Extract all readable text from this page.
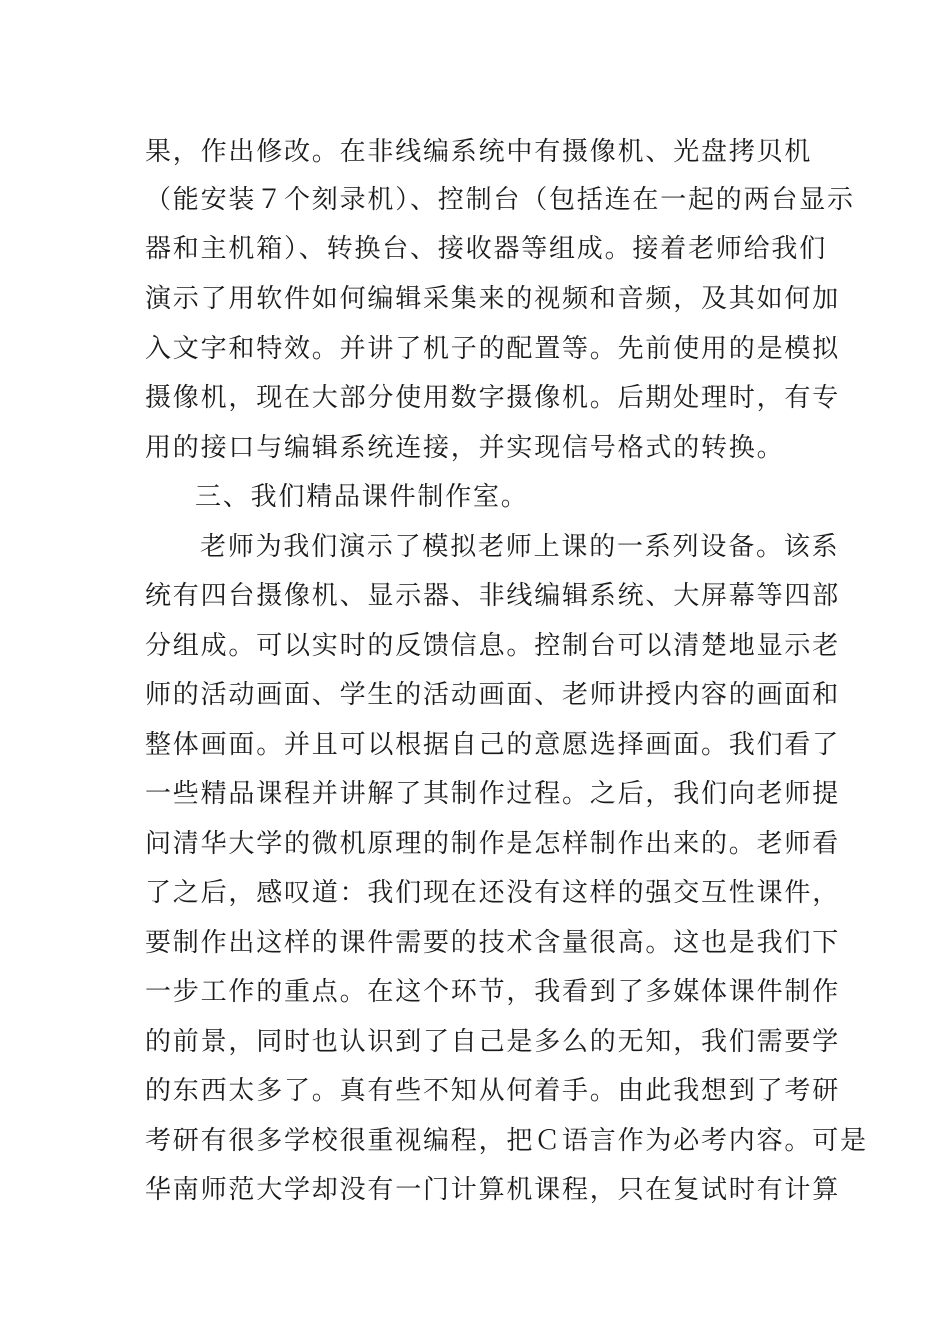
果，作出修改。在非线编系统中有摄像机、光盘拷贝机
（能安装７个刻录机）、控制台（包括连在一起的两台显示
器和主机箱）、转换台、接收器等组成。接着老师给我们
演示了用软件如何编辑采集来的视频和音频，及其如何加
入文字和特效。并讲了机子的配置等。先前使用的是模拟
摄像机，现在大部分使用数字摄像机。后期处理时，有专
用的接口与编辑系统连接，并实现信号格式的转换。
三、我们精品课件制作室。
老师为我们演示了模拟老师上课的一系列设备。该系
统有四台摄像机、显示器、非线编辑系统、大屏幕等四部
分组成。可以实时的反馈信息。控制台可以清楚地显示老
师的活动画面、学生的活动画面、老师讲授内容的画面和
整体画面。并且可以根据自己的意愿选择画面。我们看了
一些精品课程并讲解了其制作过程。之后，我们向老师提
问清华大学的微机原理的制作是怎样制作出来的。老师看
了之后，感叹道：我们现在还没有这样的强交互性课件，
要制作出这样的课件需要的技术含量很高。这也是我们下
一步工作的重点。在这个环节，我看到了多媒体课件制作
的前景，同时也认识到了自己是多么的无知，我们需要学
的东西太多了。真有些不知从何着手。由此我想到了考研
考研有很多学校很重视编程，把Ｃ语言作为必考内容。可是
华南师范大学却没有一门计算机课程，只在复试时有计算
